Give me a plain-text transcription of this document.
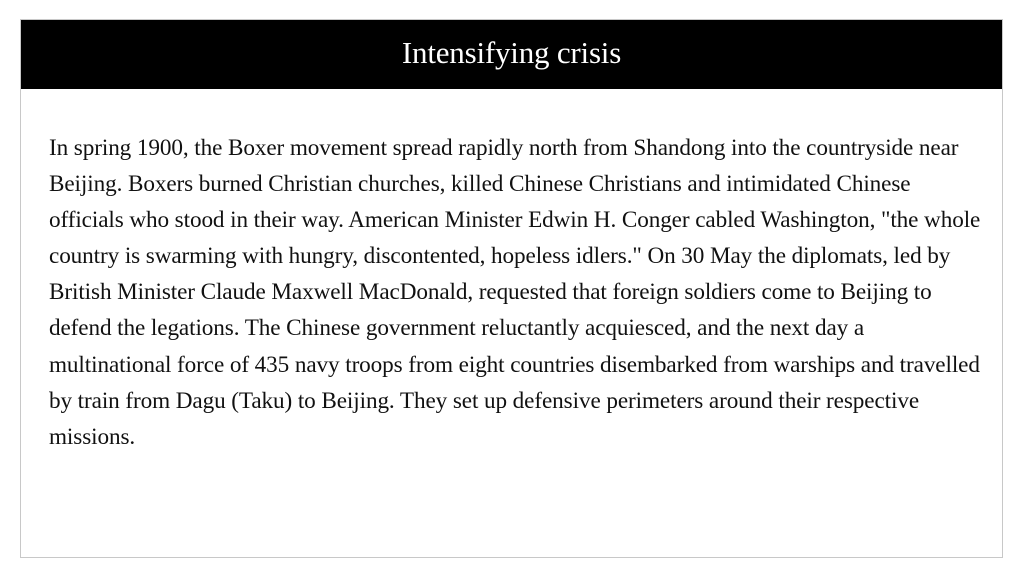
Intensifying crisis

In spring 1900, the Boxer movement spread rapidly north from Shandong into the countryside near Beijing. Boxers burned Christian churches, killed Chinese Christians and intimidated Chinese officials who stood in their way. American Minister Edwin H. Conger cabled Washington, "the whole country is swarming with hungry, discontented, hopeless idlers." On 30 May the diplomats, led by British Minister Claude Maxwell MacDonald, requested that foreign soldiers come to Beijing to defend the legations. The Chinese government reluctantly acquiesced, and the next day a multinational force of 435 navy troops from eight countries disembarked from warships and travelled by train from Dagu (Taku) to Beijing. They set up defensive perimeters around their respective missions.
